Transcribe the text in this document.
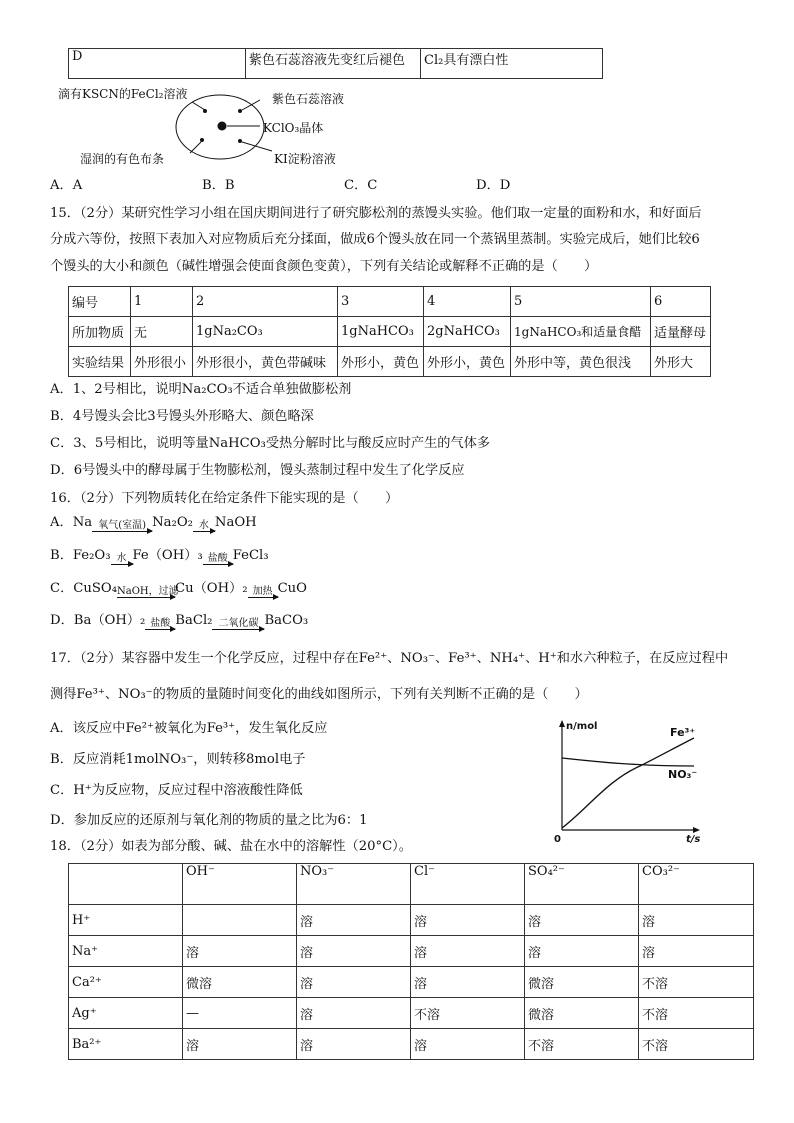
D	紫色石蕊溶液先变红后褪色	Cl₂具有漂白性
滴有KSCN的FeCl₂溶液	紫色石蕊溶液
KClO₃晶体
湿润的有色布条	KI淀粉溶液
A．A	B．B	C．C	D．D
15．（2分）某研究性学习小组在国庆期间进行了研究膨松剂的蒸馒头实验。他们取一定量的面粉和水，和好面后
分成六等份，按照下表加入对应物质后充分揉面，做成6个馒头放在同一个蒸锅里蒸制。实验完成后，她们比较6
个馒头的大小和颜色（碱性增强会使面食颜色变黄），下列有关结论或解释不正确的是（　　）
编号	1	2	3	4	5	6
所加物质	无	1gNa₂CO₃	1gNaHCO₃	2gNaHCO₃	1gNaHCO₃和适量食醋	适量酵母
实验结果	外形很小	外形很小，黄色带碱味	外形小，黄色	外形小，黄色	外形中等，黄色很浅	外形大
A．1、2号相比，说明Na₂CO₃不适合单独做膨松剂
B．4号馒头会比3号馒头外形略大、颜色略深
C．3、5号相比，说明等量NaHCO₃受热分解时比与酸反应时产生的气体多
D．6号馒头中的酵母属于生物膨松剂，馒头蒸制过程中发生了化学反应
16．（2分）下列物质转化在给定条件下能实现的是（　　）
A．Na 氧气(室温) Na₂O₂ 水 NaOH
B．Fe₂O₃ 水 Fe（OH）₃ 盐酸 FeCl₃
C．CuSO₄ NaOH，过滤
Cu（OH）₂ 加热 CuO
D．Ba（OH）₂ 盐酸 BaCl₂ 二氧化碳 BaCO₃
17．（2分）某容器中发生一个化学反应，过程中存在Fe²⁺、NO₃⁻、Fe³⁺、NH₄⁺、H⁺和水六种粒子，在反应过程中
测得Fe³⁺、NO₃⁻的物质的量随时间变化的曲线如图所示，下列有关判断不正确的是（　　）
A．该反应中Fe²⁺被氧化为Fe³⁺，发生氧化反应
B．反应消耗1molNO₃⁻，则转移8mol电子
C．H⁺为反应物，反应过程中溶液酸性降低
D．参加反应的还原剂与氧化剂的物质的量之比为6：1
n/mol	Fe³⁺
NO₃⁻
0	t/s
18．（2分）如表为部分酸、碱、盐在水中的溶解性（20°C）。
	OH⁻	NO₃⁻	Cl⁻	SO₄²⁻	CO₃²⁻
H⁺		溶	溶	溶	溶
Na⁺	溶	溶	溶	溶	溶
Ca²⁺	微溶	溶	溶	微溶	不溶
Ag⁺	—	溶	不溶	微溶	不溶
Ba²⁺	溶	溶	溶	不溶	不溶
